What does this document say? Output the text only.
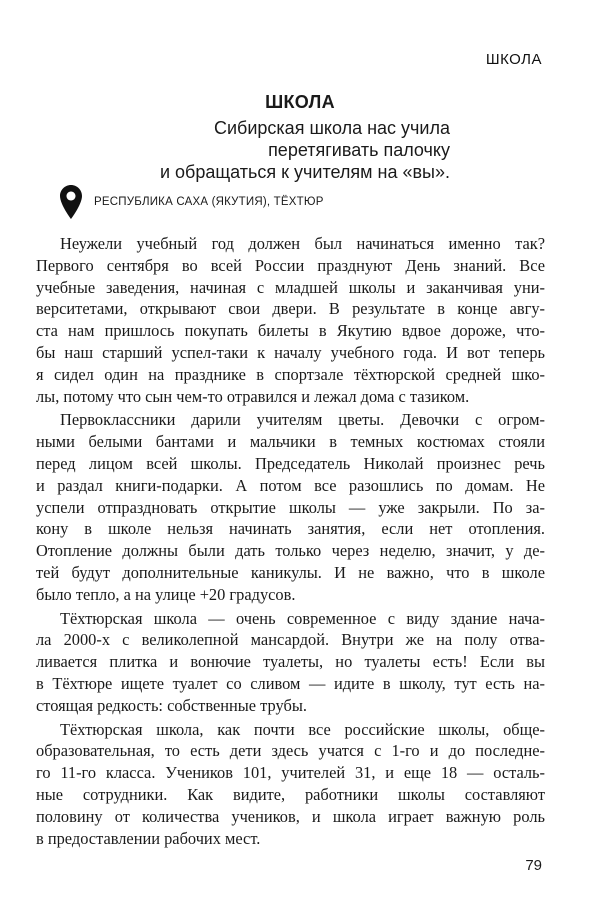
ШКОЛА
ШКОЛА
Сибирская школа нас учила
перетягивать палочку
и обращаться к учителям на «вы».
РЕСПУБЛИКА САХА (ЯКУТИЯ), ТЁХТЮР
Неужели учебный год должен был начинаться именно так?
Первого сентября во всей России празднуют День знаний. Все
учебные заведения, начиная с младшей школы и заканчивая уни-
верситетами, открывают свои двери. В результате в конце авгу-
ста нам пришлось покупать билеты в Якутию вдвое дороже, что-
бы наш старший успел-таки к началу учебного года. И вот теперь
я сидел один на празднике в спортзале тёхтюрской средней шко-
лы, потому что сын чем-то отравился и лежал дома с тазиком.
Первоклассники дарили учителям цветы. Девочки с огром-
ными белыми бантами и мальчики в темных костюмах стояли
перед лицом всей школы. Председатель Николай произнес речь
и раздал книги-подарки. А потом все разошлись по домам. Не
успели отпраздновать открытие школы — уже закрыли. По за-
кону в школе нельзя начинать занятия, если нет отопления.
Отопление должны были дать только через неделю, значит, у де-
тей будут дополнительные каникулы. И не важно, что в школе
было тепло, а на улице +20 градусов.
Тёхтюрская школа — очень современное с виду здание нача-
ла 2000-х с великолепной мансардой. Внутри же на полу отва-
ливается плитка и вонючие туалеты, но туалеты есть! Если вы
в Тёхтюре ищете туалет со сливом — идите в школу, тут есть на-
стоящая редкость: собственные трубы.
Тёхтюрская школа, как почти все российские школы, обще-
образовательная, то есть дети здесь учатся с 1-го и до последне-
го 11-го класса. Учеников 101, учителей 31, и еще 18 — осталь-
ные сотрудники. Как видите, работники школы составляют
половину от количества учеников, и школа играет важную роль
в предоставлении рабочих мест.
79
